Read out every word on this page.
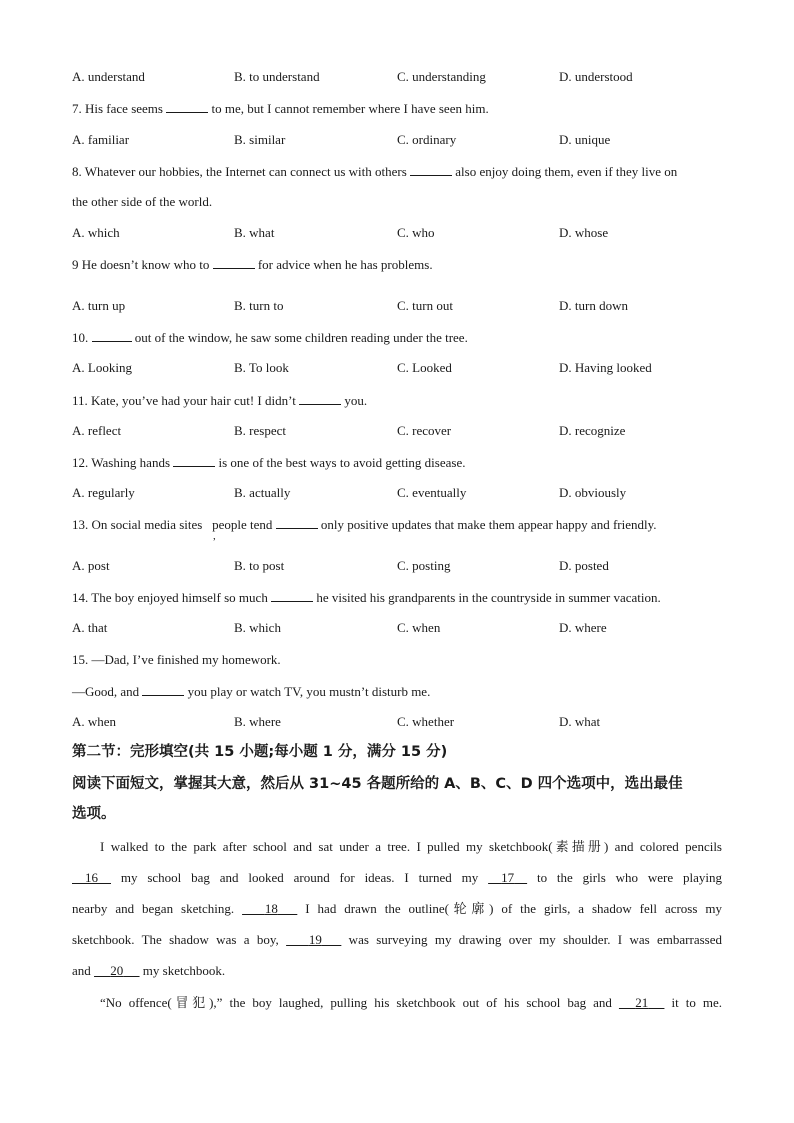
A. understand	B. to understand	C. understanding	D. understood
7. His face seems	to me, but I cannot remember where I have seen him.
A. familiar	B. similar	C. ordinary	D. unique
8. Whatever our hobbies, the Internet can connect us with others	also enjoy doing them, even if they live on
the other side of the world.
A. which	B. what	C. who	D. whose
9 He doesn’t know who to	for advice when he has problems.
A. turn up	B. turn to	C. turn out	D. turn down
10.	out of the window, he saw some children reading under the tree.
A. Looking	B. To look	C. Looked	D. Having looked
11. Kate, you’ve had your hair cut! I didn’t	you.
A. reflect	B. respect	C. recover	D. recognize
12. Washing hands	is one of the best ways to avoid getting disease.
A. regularly	B. actually	C. eventually	D. obviously
13. On social media sites people tend	only positive updates that make them appear happy and friendly.
,
A. post	B. to post	C. posting	D. posted
14. The boy enjoyed himself so much	he visited his grandparents in the countryside in summer vacation.
A. that	B. which	C. when	D. where
15. —Dad, I’ve finished my homework.
—Good, and	you play or watch TV, you mustn’t disturb me.
A. when	B. where	C. whether	D. what
第二节：完形填空(共 15 小题;每小题 1 分，满分 15 分)
阅读下面短文，掌握其大意，然后从 31~45 各题所给的 A、B、C、D 四个选项中，选出最佳
选项。
I walked to the park after school and sat under a tree. I pulled my sketchbook(素描册) and colored pencils
16     my school bag and looked around for ideas. I turned my     17     to the girls who were playing
nearby and began sketching.        18       I had drawn the outline(轮廓) of the girls, a shadow fell across my
sketchbook. The shadow was a boy,        19       was surveying my drawing over my shoulder. I was embarrassed
and      20      my sketchbook.
“No offence(冒犯),” the boy laughed, pulling his sketchbook out of his school bag and      21      it to me.
